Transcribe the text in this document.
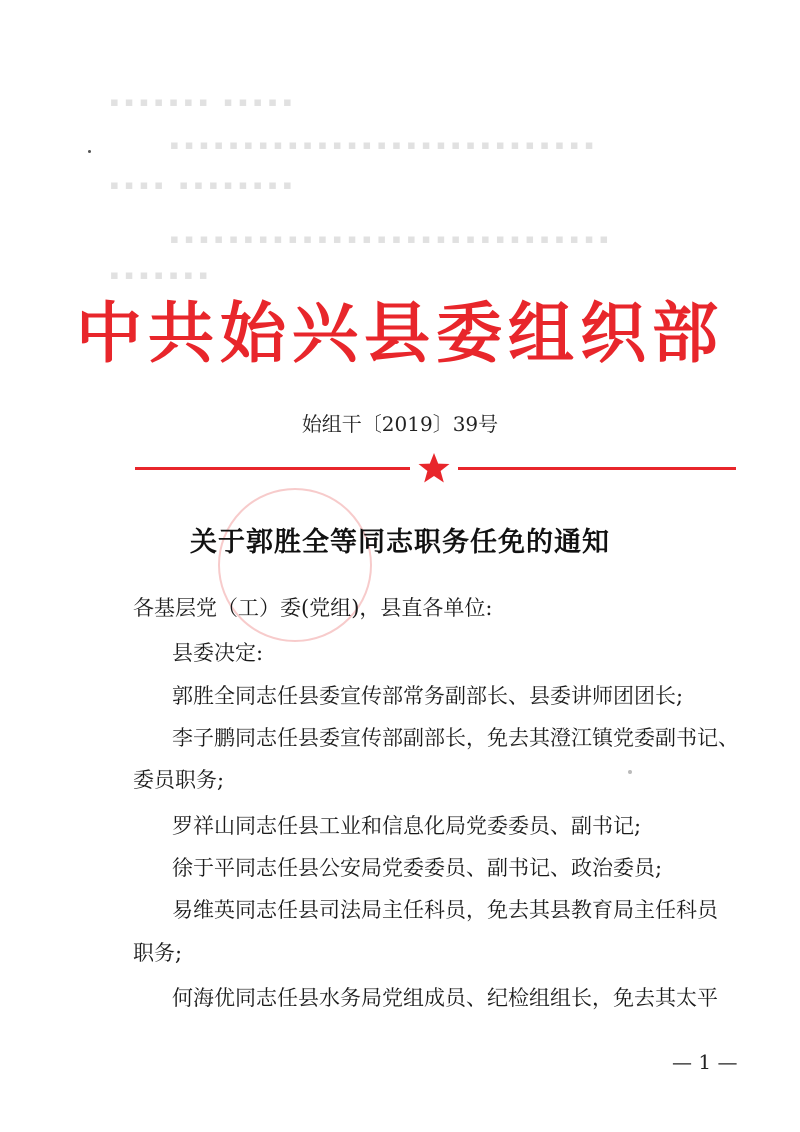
▪▪▪▪▪▪▪ ▪▪▪▪▪
▪▪▪▪▪▪▪▪▪▪▪▪▪▪▪▪▪▪▪▪▪▪▪▪▪▪▪▪▪
▪▪▪▪ ▪▪▪▪▪▪▪▪
▪▪▪▪▪▪▪▪▪▪▪▪▪▪▪▪▪▪▪▪▪▪▪▪▪▪▪▪▪▪
▪▪▪▪▪▪▪
中共始兴县委组织部
始组干〔2019〕39号
关于郭胜全等同志职务任免的通知
各基层党（工）委(党组)，县直各单位:
县委决定:
郭胜全同志任县委宣传部常务副部长、县委讲师团团长;
李子鹏同志任县委宣传部副部长，免去其澄江镇党委副书记、
委员职务;
罗祥山同志任县工业和信息化局党委委员、副书记;
徐于平同志任县公安局党委委员、副书记、政治委员;
易维英同志任县司法局主任科员，免去其县教育局主任科员
职务;
何海优同志任县水务局党组成员、纪检组组长，免去其太平
— 1 —
